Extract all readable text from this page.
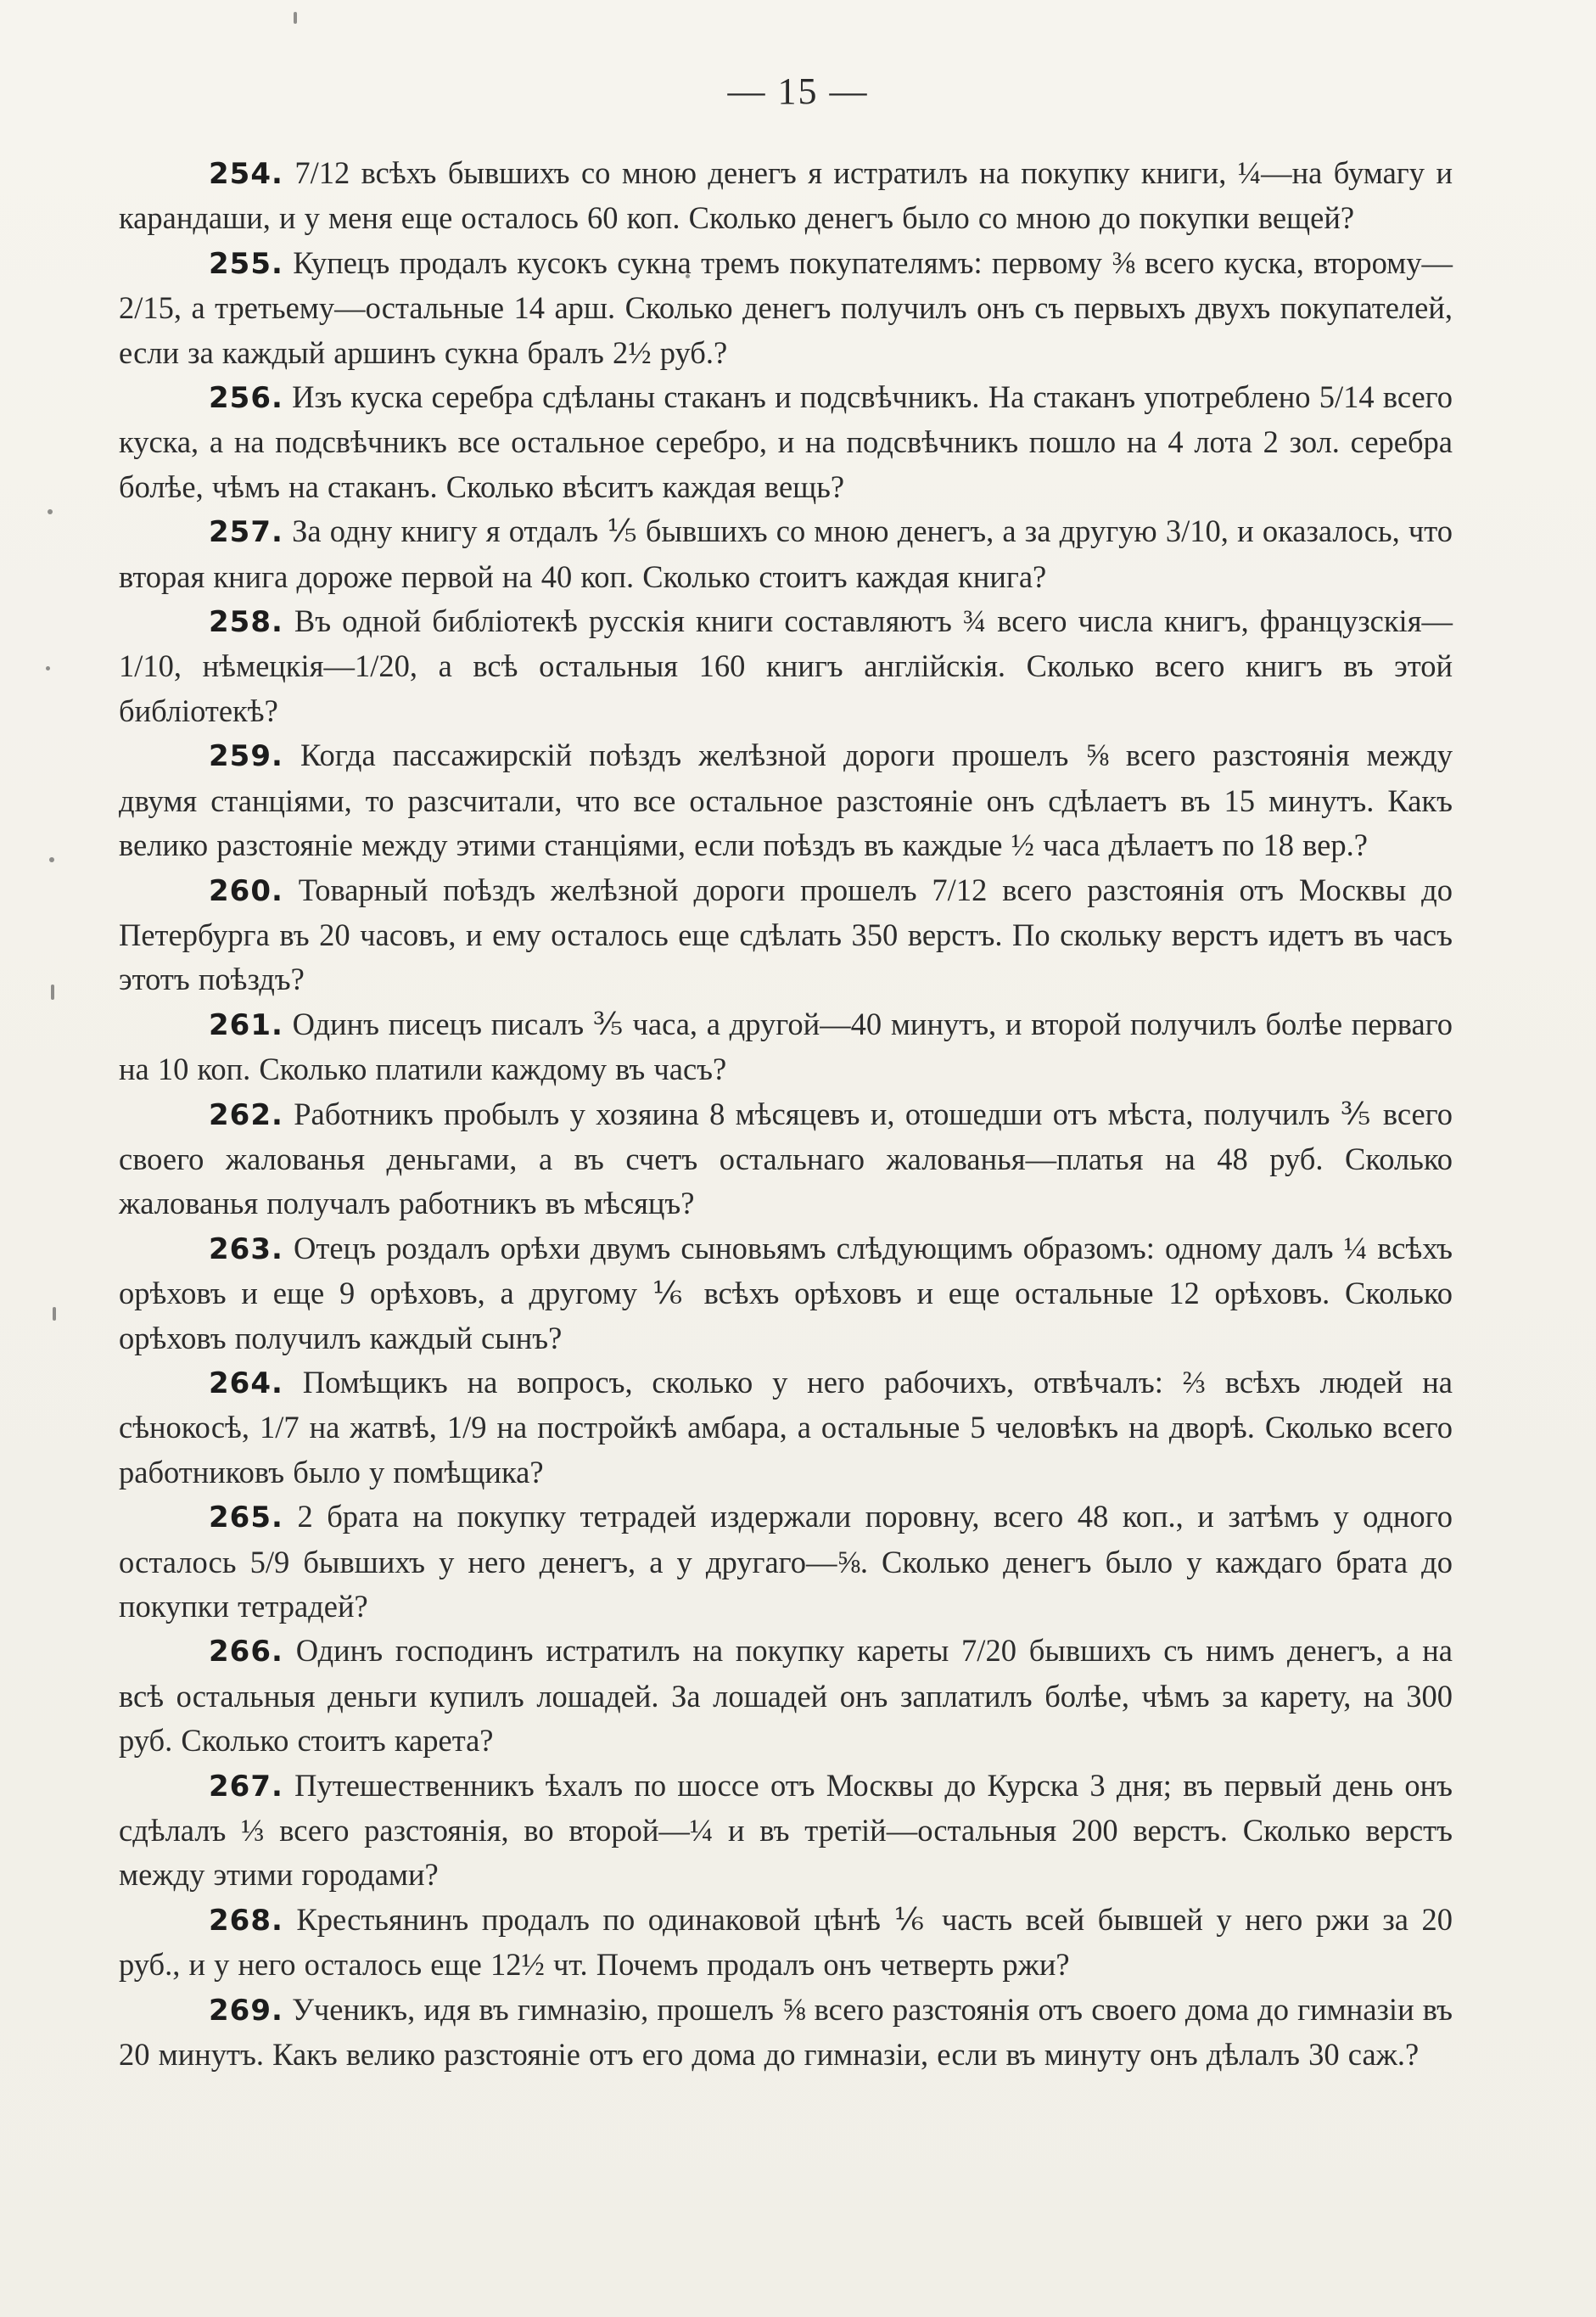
— 15 —

254. 7/12 всѣхъ бывшихъ со мною денегъ я истратилъ на покупку книги, ¼—на бумагу и карандаши, и у меня еще осталось 60 коп. Сколько денегъ было со мною до покупки вещей?

255. Купецъ продалъ кусокъ сукна тремъ покупателямъ: первому ⅜ всего куска, второму—2/15, а третьему—остальные 14 арш. Сколько денегъ получилъ онъ съ первыхъ двухъ покупателей, если за каждый аршинъ сукна бралъ 2½ руб.?

256. Изъ куска серебра сдѣланы стаканъ и подсвѣчникъ. На стаканъ употреблено 5/14 всего куска, а на подсвѣчникъ все остальное серебро, и на подсвѣчникъ пошло на 4 лота 2 зол. серебра болѣе, чѣмъ на стаканъ. Сколько вѣситъ каждая вещь?

257. За одну книгу я отдалъ ⅕ бывшихъ со мною денегъ, а за другую 3/10, и оказалось, что вторая книга дороже первой на 40 коп. Сколько стоитъ каждая книга?

258. Въ одной библіотекѣ русскія книги составляютъ ¾ всего числа книгъ, французскія—1/10, нѣмецкія—1/20, а всѣ остальныя 160 книгъ англійскія. Сколько всего книгъ въ этой библіотекѣ?

259. Когда пассажирскій поѣздъ желѣзной дороги прошелъ ⅝ всего разстоянія между двумя станціями, то разсчитали, что все остальное разстояніе онъ сдѣлаетъ въ 15 минутъ. Какъ велико разстояніе между этими станціями, если поѣздъ въ каждые ½ часа дѣлаетъ по 18 вер.?

260. Товарный поѣздъ желѣзной дороги прошелъ 7/12 всего разстоянія отъ Москвы до Петербурга въ 20 часовъ, и ему осталось еще сдѣлать 350 верстъ. По скольку верстъ идетъ въ часъ этотъ поѣздъ?

261. Одинъ писецъ писалъ ⅗ часа, а другой—40 минутъ, и второй получилъ болѣе перваго на 10 коп. Сколько платили каждому въ часъ?

262. Работникъ пробылъ у хозяина 8 мѣсяцевъ и, отошедши отъ мѣста, получилъ ⅗ всего своего жалованья деньгами, а въ счетъ остальнаго жалованья—платья на 48 руб. Сколько жалованья получалъ работникъ въ мѣсяцъ?

263. Отецъ роздалъ орѣхи двумъ сыновьямъ слѣдующимъ образомъ: одному далъ ¼ всѣхъ орѣховъ и еще 9 орѣховъ, а другому ⅙ всѣхъ орѣховъ и еще остальные 12 орѣховъ. Сколько орѣховъ получилъ каждый сынъ?

264. Помѣщикъ на вопросъ, сколько у него рабочихъ, отвѣчалъ: ⅔ всѣхъ людей на сѣнокосѣ, 1/7 на жатвѣ, 1/9 на постройкѣ амбара, а остальные 5 человѣкъ на дворѣ. Сколько всего работниковъ было у помѣщика?

265. 2 брата на покупку тетрадей издержали поровну, всего 48 коп., и затѣмъ у одного осталось 5/9 бывшихъ у него денегъ, а у другаго—⅝. Сколько денегъ было у каждаго брата до покупки тетрадей?

266. Одинъ господинъ истратилъ на покупку кареты 7/20 бывшихъ съ нимъ денегъ, а на всѣ остальныя деньги купилъ лошадей. За лошадей онъ заплатилъ болѣе, чѣмъ за карету, на 300 руб. Сколько стоитъ карета?

267. Путешественникъ ѣхалъ по шоссе отъ Москвы до Курска 3 дня; въ первый день онъ сдѣлалъ ⅓ всего разстоянія, во второй—¼ и въ третій—остальныя 200 верстъ. Сколько верстъ между этими городами?

268. Крестьянинъ продалъ по одинаковой цѣнѣ ⅙ часть всей бывшей у него ржи за 20 руб., и у него осталось еще 12½ чт. Почемъ продалъ онъ четверть ржи?

269. Ученикъ, идя въ гимназію, прошелъ ⅝ всего разстоянія отъ своего дома до гимназіи въ 20 минутъ. Какъ велико разстояніе отъ его дома до гимназіи, если въ минуту онъ дѣлалъ 30 саж.?
